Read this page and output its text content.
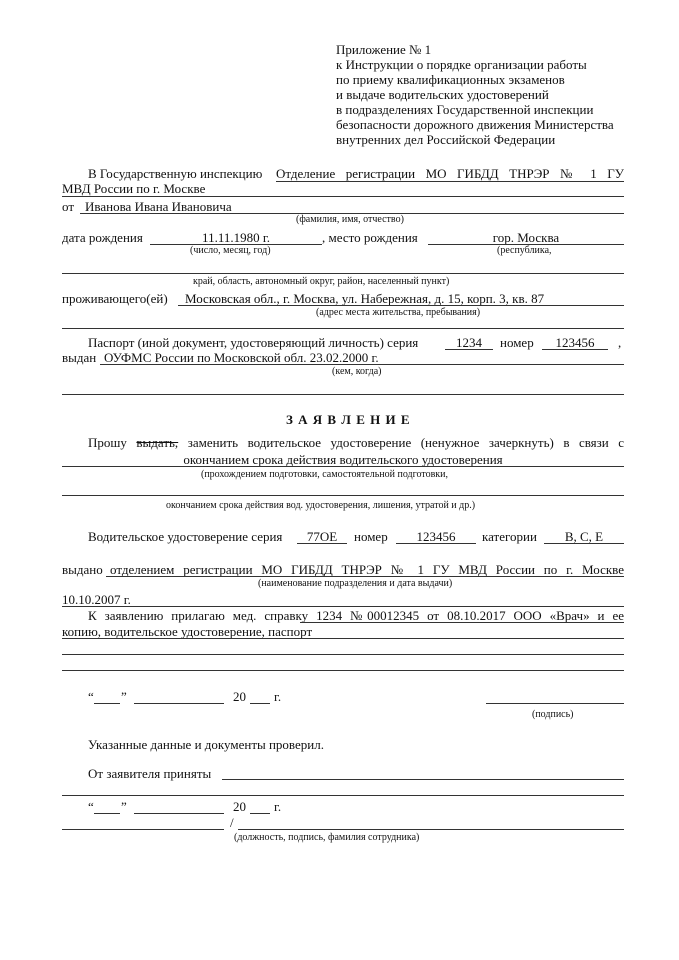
Приложение № 1
к Инструкции о порядке организации работы
по приему квалификационных экзаменов
и выдаче водительских удостоверений
в подразделениях Государственной инспекции
безопасности дорожного движения Министерства
внутренних дел Российской Федерации
В Государственную инспекцию Отделение регистрации МО ГИБДД ТНРЭР № 1 ГУ
МВД России по г. Москве
от Иванова Ивана Ивановича
(фамилия, имя, отчество)
дата рождения	11.11.1980 г.	, место рождения	гор. Москва
(число, месяц, год)	(республика,
край, область, автономный округ, район, населенный пункт)
проживающего(ей) Московская обл., г. Москва, ул. Набережная, д. 15, корп. 3, кв. 87
(адрес места жительства, пребывания)
Паспорт (иной документ, удостоверяющий личность) серия	1234	номер	123456	,
выдан ОУФМС России по Московской обл. 23.02.2000 г.
(кем, когда)
З А Я В Л Е Н И Е
Прошу выдать, заменить водительское удостоверение (ненужное зачеркнуть) в связи с
окончанием срока действия водительского удостоверения
(прохождением подготовки, самостоятельной подготовки,
окончанием срока действия вод. удостоверения, лишения, утратой и др.)
Водительское удостоверение серия	77ОЕ	номер	123456	категории	B, C, E
выдано отделением регистрации МО ГИБДД ТНРЭР № 1 ГУ МВД России по г. Москве
(наименование подразделения и дата выдачи)
10.10.2007 г.
К заявлению прилагаю мед. справку 1234 №00012345 от 08.10.2017 ООО «Врач» и ее
копию, водительское удостоверение, паспорт
“ ”	20 г.
(подпись)
Указанные данные и документы проверил.
От заявителя приняты
“ ”	20 г.
/
(должность, подпись, фамилия сотрудника)
